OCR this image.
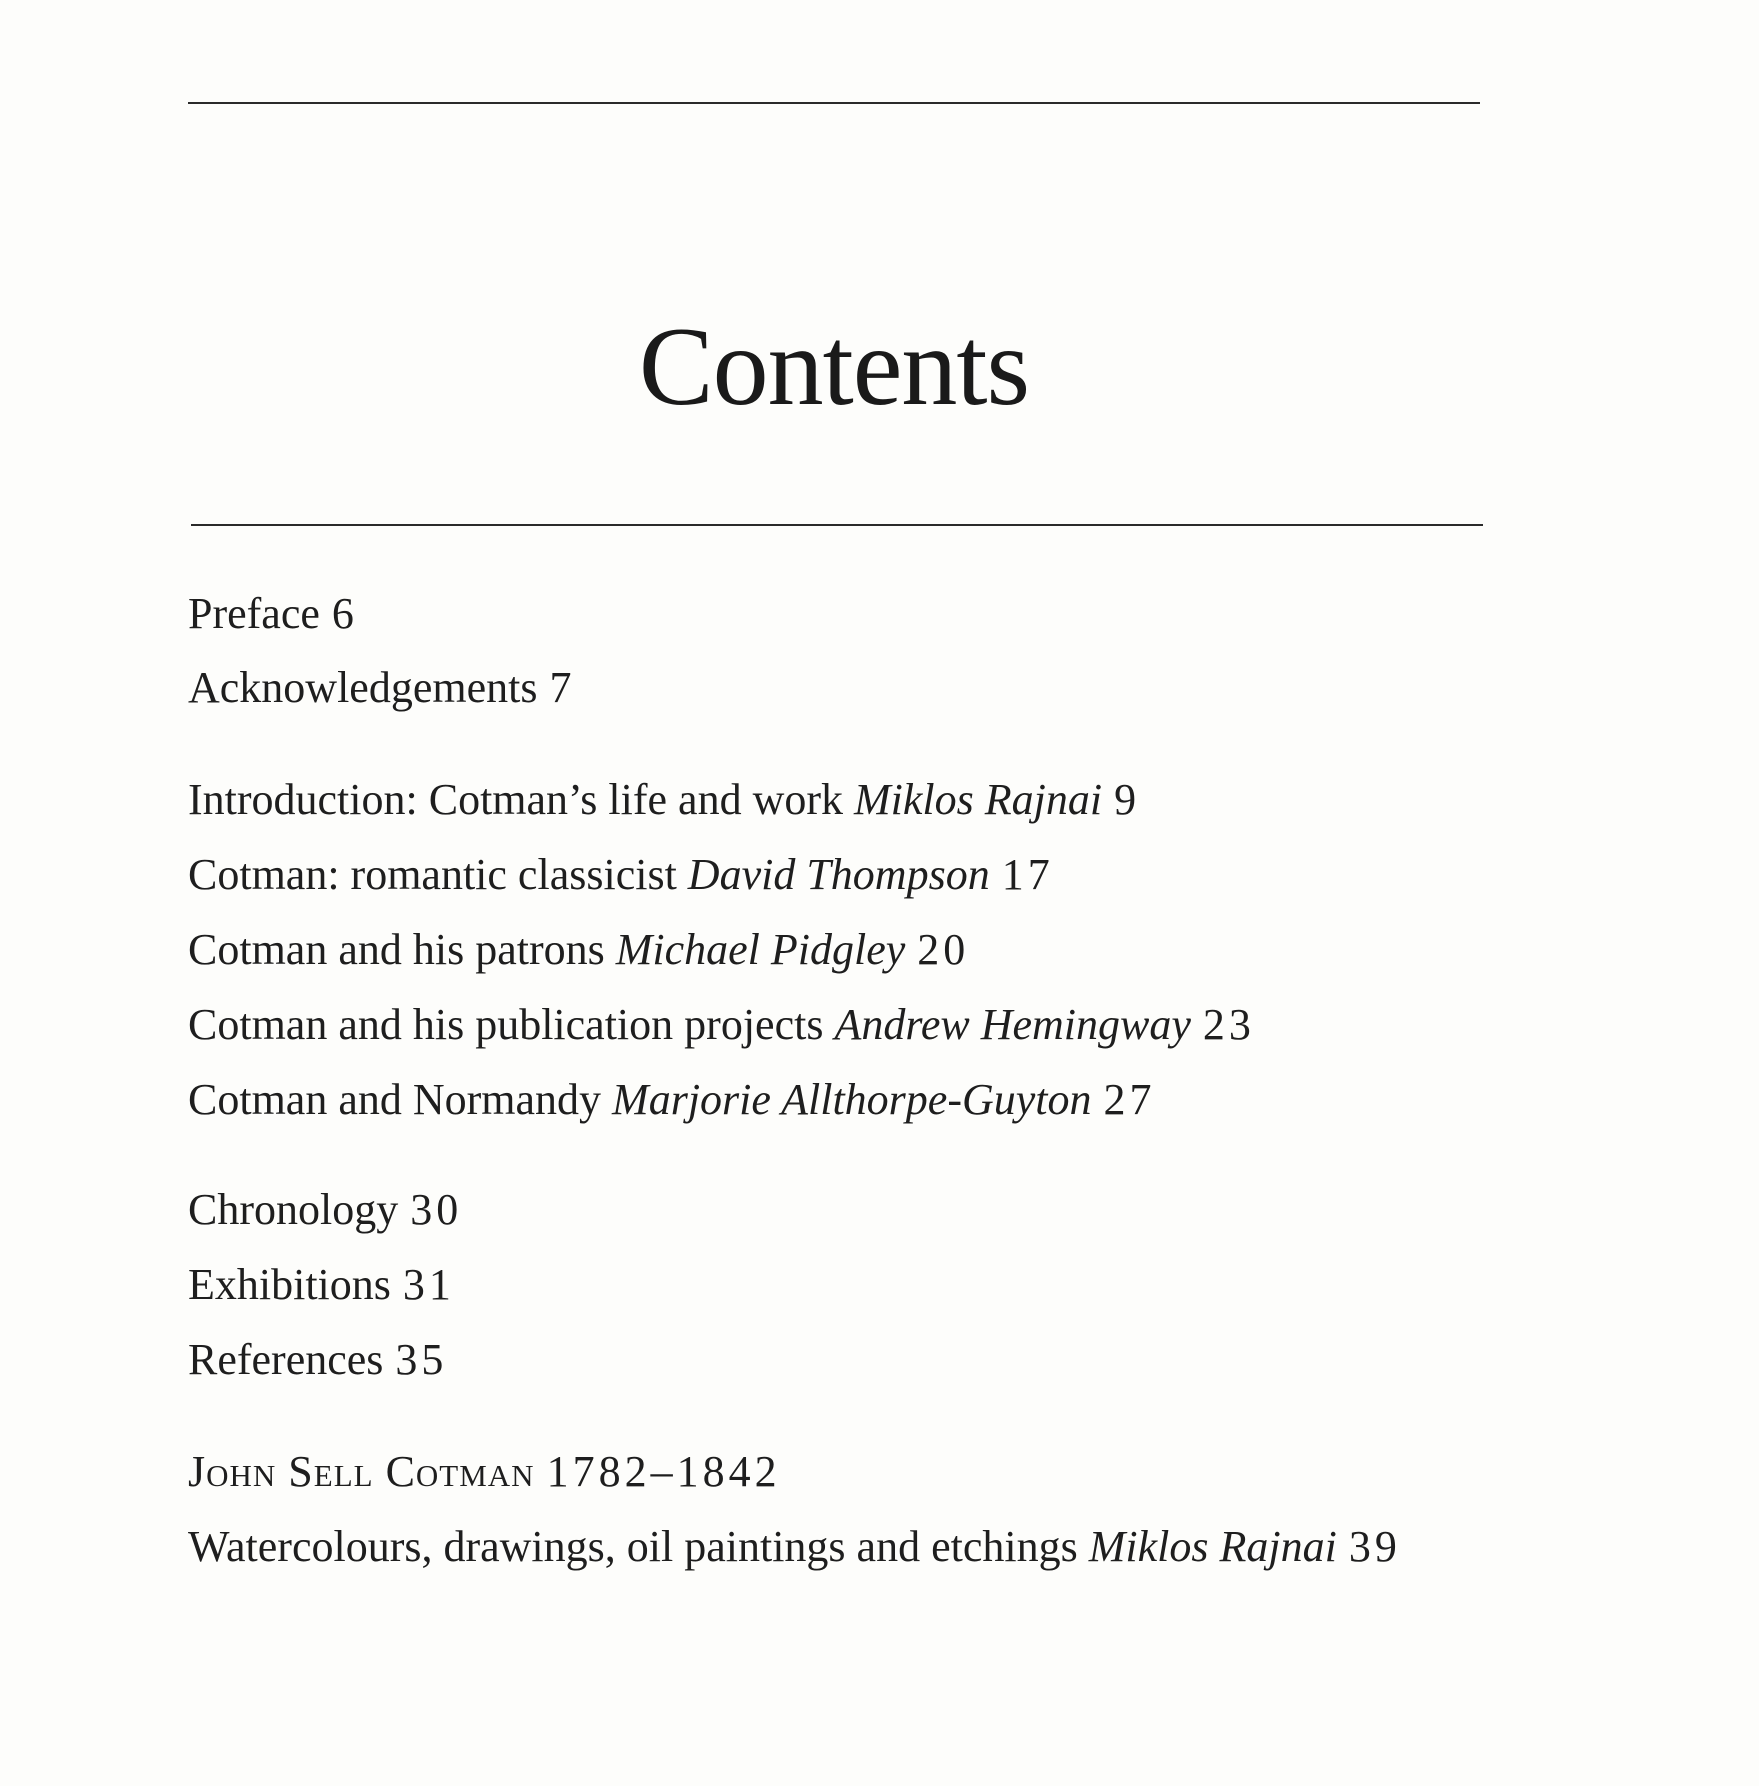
Contents
Preface 6
Acknowledgements 7
Introduction: Cotman’s life and work Miklos Rajnai 9
Cotman: romantic classicist David Thompson 17
Cotman and his patrons Michael Pidgley 20
Cotman and his publication projects Andrew Hemingway 23
Cotman and Normandy Marjorie Allthorpe-Guyton 27
Chronology 30
Exhibitions 31
References 35
John Sell Cotman 1782–1842
Watercolours, drawings, oil paintings and etchings Miklos Rajnai 39
